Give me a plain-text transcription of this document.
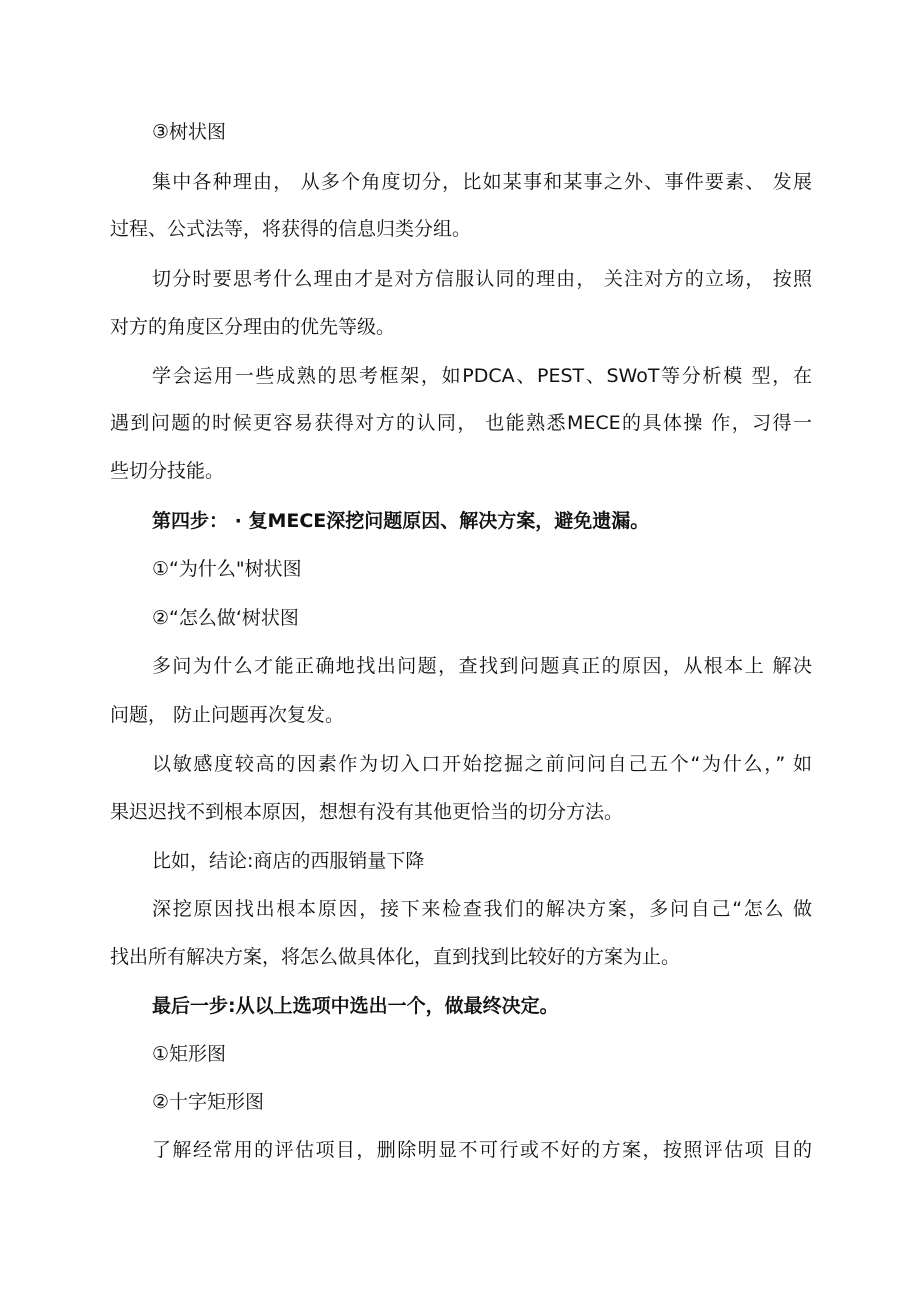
③树状图
集中各种理由， 从多个角度切分，比如某事和某事之外、事件要素、 发展
过程、公式法等，将获得的信息归类分组。
切分时要思考什么理由才是对方信服认同的理由， 关注对方的立场， 按照
对方的角度区分理由的优先等级。
学会运用一些成熟的思考框架，如PDCA、PEST、SWoT等分析模 型，在
遇到问题的时候更容易获得对方的认同， 也能熟悉MECE的具体操 作，习得一
些切分技能。
第四步： · 复MECE深挖问题原因、解决方案，避免遗漏。
①“为什么"树状图
②“怎么做‘树状图
多问为什么才能正确地找出问题，查找到问题真正的原因，从根本上 解决
问题， 防止问题再次复发。
以敏感度较高的因素作为切入口开始挖掘之前问问自己五个“为什么，” 如
果迟迟找不到根本原因，想想有没有其他更恰当的切分方法。
比如，结论:商店的西服销量下降
深挖原因找出根本原因，接下来检查我们的解决方案，多问自己“怎么 做
找出所有解决方案，将怎么做具体化，直到找到比较好的方案为止。
最后一步:从以上选项中选出一个，做最终决定。
①矩形图
②十字矩形图
了解经常用的评估项目，删除明显不可行或不好的方案，按照评估项 目的
